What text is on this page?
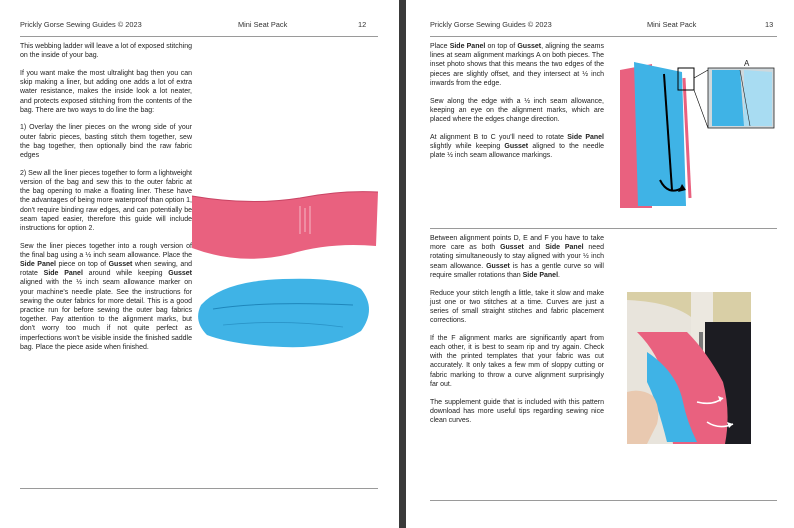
Prickly Gorse Sewing Guides © 2023	Mini Seat Pack	12

This webbing ladder will leave a lot of exposed stitching on the inside of your bag.

If you want make the most ultralight bag then you can skip making a liner, but adding one adds a lot of extra water resistance, makes the inside look a lot neater, and protects exposed stitching from the contents of the bag. There are two ways to do line the bag:

1) Overlay the liner pieces on the wrong side of your outer fabric pieces, basting stitch them together, sew the bag together, then optionally bind the raw fabric edges

2) Sew all the liner pieces together to form a lightweight version of the bag and sew this to the outer fabric at the bag opening to make a floating liner. These have the advantages of being more waterproof than option 1, don't require binding raw edges, and can potentially be seam taped easier, therefore this guide will include instructions for option 2.

Sew the liner pieces together into a rough version of the final bag using a ½ inch seam allowance. Place the Side Panel piece on top of Gusset when sewing, and rotate Side Panel around while keeping Gusset aligned with the ½ inch seam allowance marker on your machine's needle plate. See the instructions for sewing the outer fabrics for more detail. This is a good practice run for before sewing the outer bag fabrics together. Pay attention to the alignment marks, but don't worry too much if not quite perfect as imperfections won't be visible inside the finished saddle bag. Place the piece aside when finished.

Prickly Gorse Sewing Guides © 2023	Mini Seat Pack	13

Place Side Panel on top of Gusset, aligning the seams lines at seam alignment markings A on both pieces. The inset photo shows that this means the two edges of the pieces are slightly offset, and they intersect at ½ inch inwards from the edge.

Sew along the edge with a ½ inch seam allowance, keeping an eye on the alignment marks, which are placed where the edges change direction.

At alignment B to C you'll need to rotate Side Panel slightly while keeping Gusset aligned to the needle plate ½ inch seam allowance markings.

A

Between alignment points D, E and F you have to take more care as both Gusset and Side Panel need rotating simultaneously to stay aligned with your ½ inch seam allowance. Gusset is has a gentle curve so will require smaller rotations than Side Panel.

Reduce your stitch length a little, take it slow and make just one or two stitches at a time. Curves are just a series of small straight stitches and fabric placement corrections.

If the F alignment marks are significantly apart from each other, it is best to seam rip and try again. Check with the printed templates that your fabric was cut accurately. It only takes a few mm of sloppy cutting or fabric marking to throw a curve alignment surprisingly far out.

The supplement guide that is included with this pattern download has more useful tips regarding sewing nice clean curves.
